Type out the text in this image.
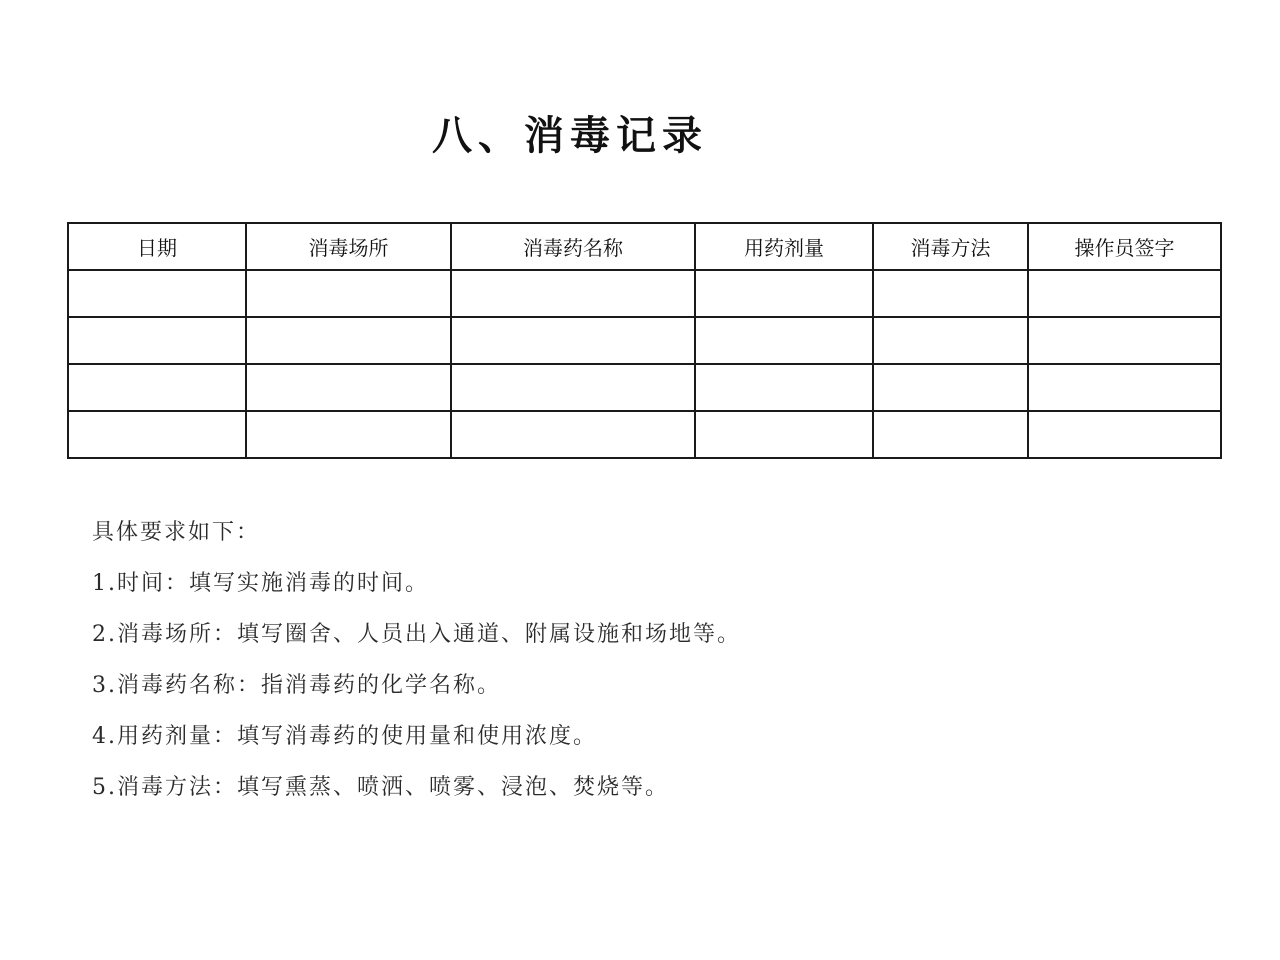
八、消毒记录
日期	消毒场所	消毒药名称	用药剂量	消毒方法	操作员签字

具体要求如下：
1.时间：填写实施消毒的时间。
2.消毒场所：填写圈舍、人员出入通道、附属设施和场地等。
3.消毒药名称：指消毒药的化学名称。
4.用药剂量：填写消毒药的使用量和使用浓度。
5.消毒方法：填写熏蒸、喷洒、喷雾、浸泡、焚烧等。
